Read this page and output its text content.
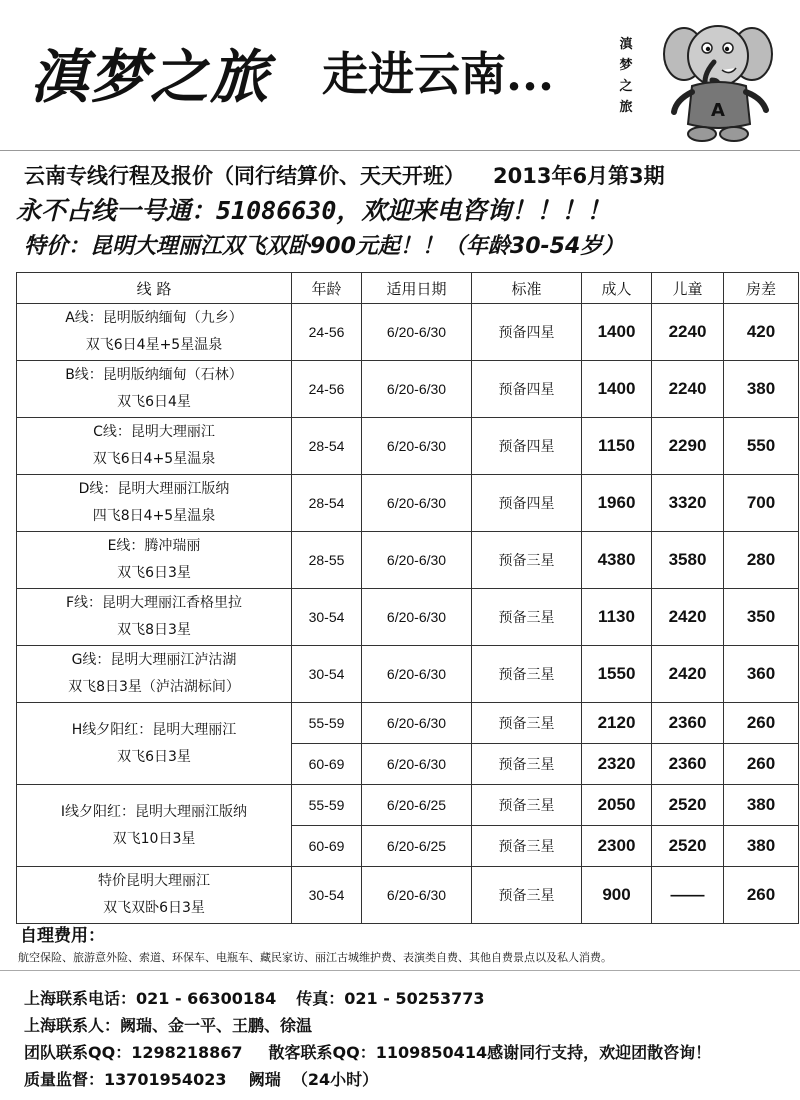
滇梦之旅 走进云南...
滇
梦
之
旅	A
云南专线行程及报价（同行结算价、天天开班） 2013年6月第3期
永不占线一号通：51086630，欢迎来电咨询！！！！
特价：昆明大理丽江双飞双卧900元起！！（年龄30-54岁）
线 路	年龄	适用日期	标准	成人	儿童	房差

A线：昆明版纳缅甸（九乡）
双飞6日4星+5星温泉	24-56	6/20-6/30	预备四星	1400	2240	420

B线：昆明版纳缅甸（石林）
双飞6日4星	24-56	6/20-6/30	预备四星	1400	2240	380

C线：昆明大理丽江
双飞6日4+5星温泉	28-54	6/20-6/30	预备四星	1150	2290	550

D线：昆明大理丽江版纳
四飞8日4+5星温泉	28-54	6/20-6/30	预备四星	1960	3320	700

E线：腾冲瑞丽
双飞6日3星	28-55	6/20-6/30	预备三星	4380	3580	280

F线：昆明大理丽江香格里拉
双飞8日3星	30-54	6/20-6/30	预备三星	1130	2420	350

G线：昆明大理丽江泸沽湖
双飞8日3星（泸沽湖标间）	30-54	6/20-6/30	预备三星	1550	2420	360

H线夕阳红：昆明大理丽江
双飞6日3星	55-59	6/20-6/30	预备三星	2120	2360	260
	60-69	6/20-6/30	预备三星	2320	2360	260

I线夕阳红：昆明大理丽江版纳
双飞10日3星	55-59	6/20-6/25	预备三星	2050	2520	380
	60-69	6/20-6/25	预备三星	2300	2520	380

特价昆明大理丽江
双飞双卧6日3星	30-54	6/20-6/30	预备三星	900	——	260
自理费用：
航空保险、旅游意外险、索道、环保车、电瓶车、藏民家访、丽江古城维护费、表演类自费、其他自费景点以及私人消费。
上海联系电话：021 - 66300184 传真：021 - 50253773
上海联系人：阙瑞、金一平、王鹏、徐温
团队联系QQ：1298218867 散客联系QQ：1109850414感谢同行支持，欢迎团散咨询！
质量监督：13701954023    阙瑞  （24小时）
